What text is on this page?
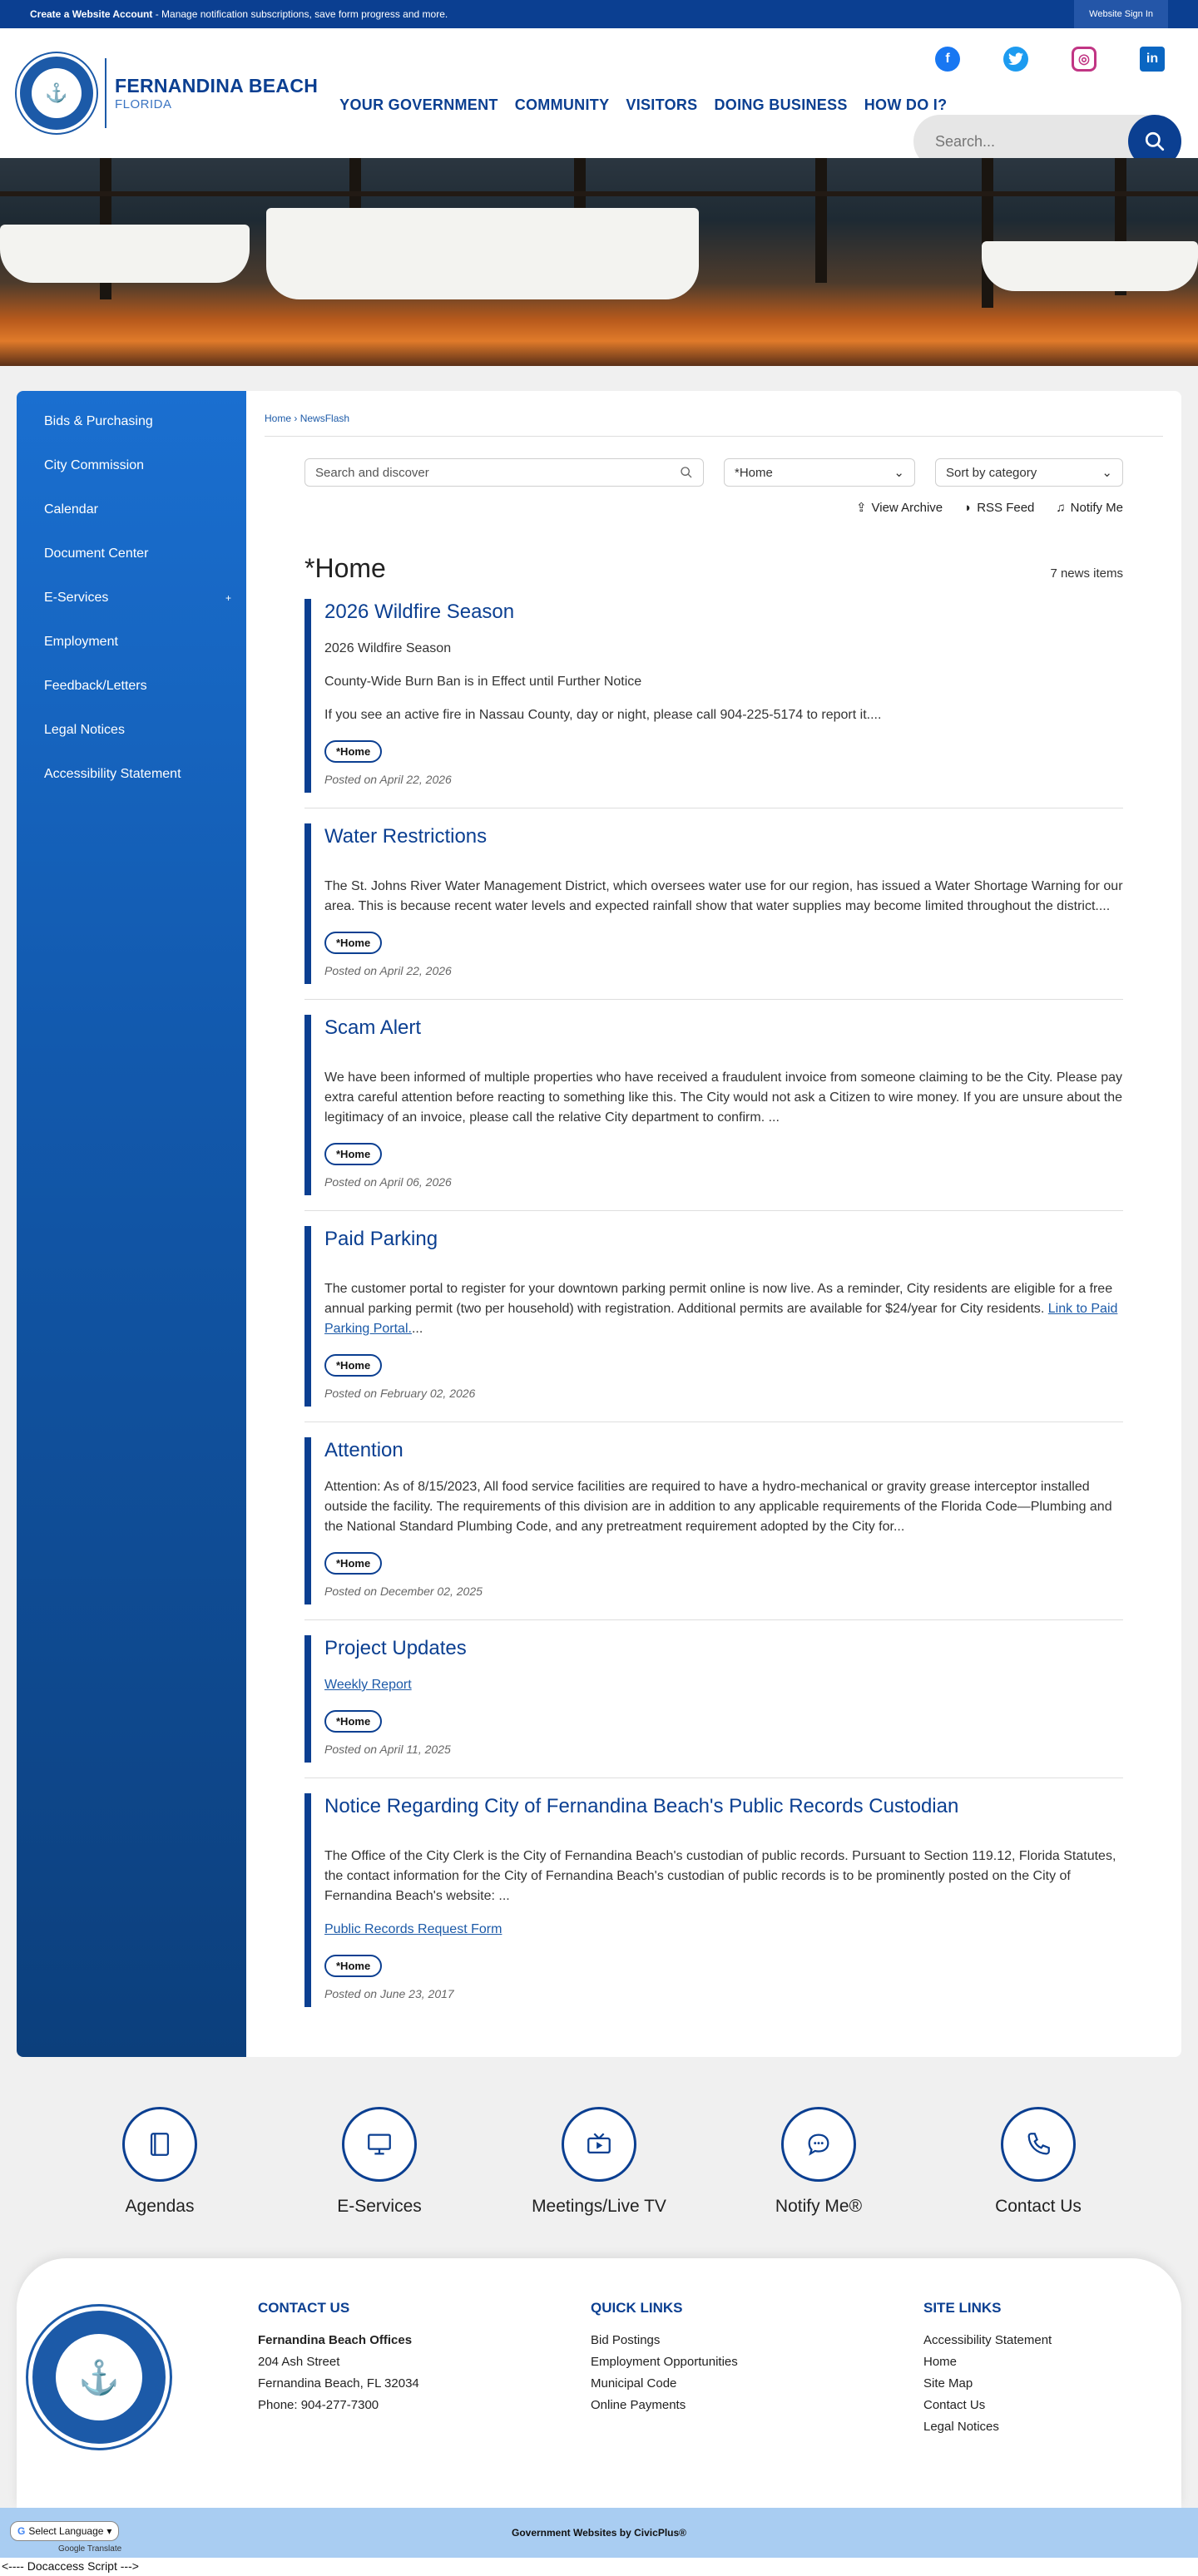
Create a Website Account - Manage notification subscriptions, save form progress and more.	Website Sign In
⚓ FERNANDINA BEACH
FLORIDA	YOUR GOVERNMENT COMMUNITY VISITORS DOING BUSINESS HOW DO I?
f	◎	in
Search...
Bids & Purchasing
City Commission
Calendar
Document Center
E-Services	+
Employment
Feedback/Letters
Legal Notices
Accessibility Statement
Home › NewsFlash
Search and discover	*Home	⌄	Sort by category	⌄
⇪ View Archive ◗ RSS Feed ♫ Notify Me
*Home	7 news items
2026 Wildfire Season

2026 Wildfire Season

County-Wide Burn Ban is in Effect until Further Notice

If you see an active fire in Nassau County, day or night, please call 904-225-5174 to report it....

*Home
Posted on April 22, 2026
Water Restrictions

The St. Johns River Water Management District, which oversees water use for our region, has issued a Water Shortage Warning for our area. This is because recent water levels and expected rainfall show that water supplies may become limited throughout the district....

*Home
Posted on April 22, 2026
Scam Alert

We have been informed of multiple properties who have received a fraudulent invoice from someone claiming to be the City. Please pay extra careful attention before reacting to something like this. The City would not ask a Citizen to wire money. If you are unsure about the legitimacy of an invoice, please call the relative City department to confirm. ...

*Home
Posted on April 06, 2026
Paid Parking

The customer portal to register for your downtown parking permit online is now live. As a reminder, City residents are eligible for a free annual parking permit (two per household) with registration. Additional permits are available for $24/year for City residents. Link to Paid Parking Portal....

*Home
Posted on February 02, 2026
Attention

Attention: As of 8/15/2023, All food service facilities are required to have a hydro-mechanical or gravity grease interceptor installed outside the facility. The requirements of this division are in addition to any applicable requirements of the Florida Code—Plumbing and the National Standard Plumbing Code, and any pretreatment requirement adopted by the City for...

*Home
Posted on December 02, 2025
Project Updates

Weekly Report

*Home
Posted on April 11, 2025
Notice Regarding City of Fernandina Beach's Public Records Custodian

The Office of the City Clerk is the City of Fernandina Beach's custodian of public records. Pursuant to Section 119.12, Florida Statutes, the contact information for the City of Fernandina Beach's custodian of public records is to be prominently posted on the City of Fernandina Beach's website: ...

Public Records Request Form

*Home
Posted on June 23, 2017
Agendas	E-Services	Meetings/Live TV	Notify Me®	Contact Us
⚓
CONTACT US
Fernandina Beach Offices
204 Ash Street
Fernandina Beach, FL 32034
Phone: 904-277-7300
QUICK LINKS
Bid Postings
Employment Opportunities
Municipal Code
Online Payments
SITE LINKS
Accessibility Statement
Home
Site Map
Contact Us
Legal Notices
G Select Language ▾
Google Translate
Government Websites by CivicPlus®
<---- Docaccess Script --->
